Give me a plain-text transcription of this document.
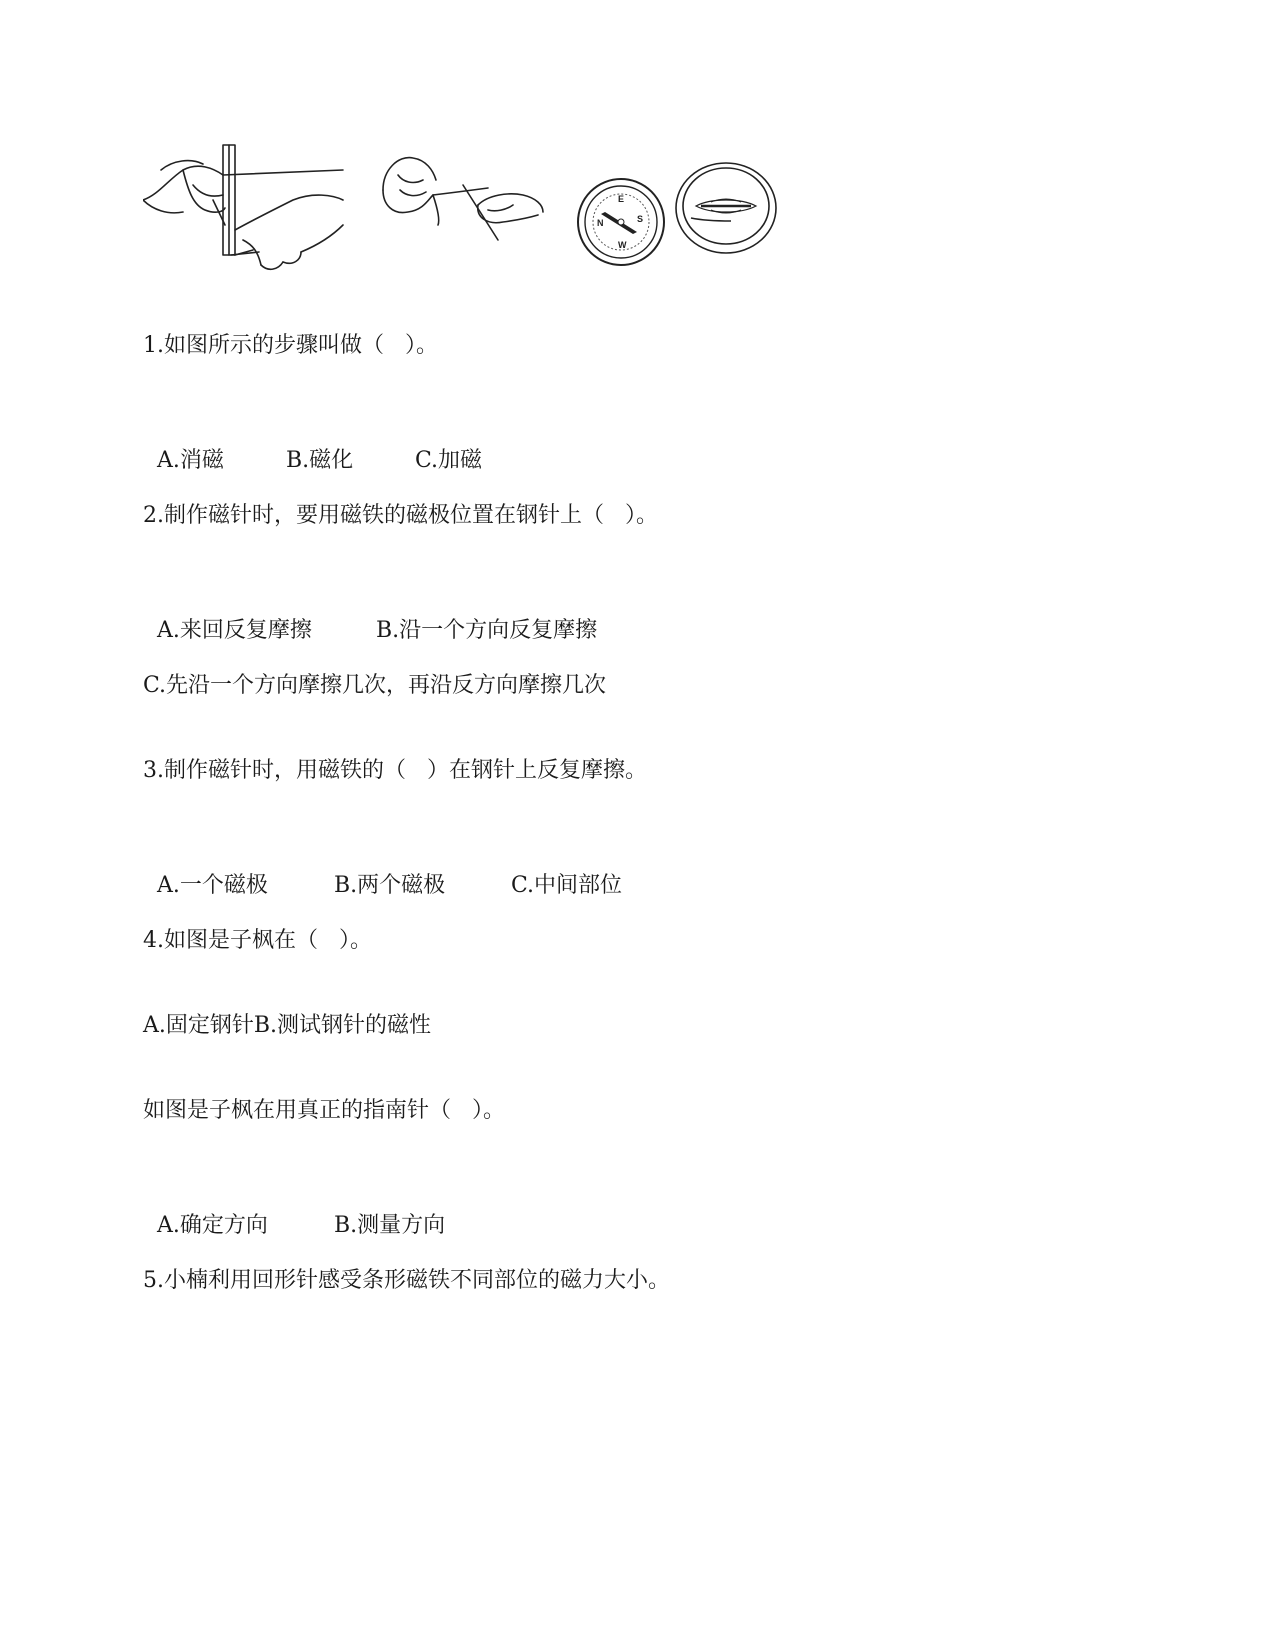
E
S
W
N
1.如图所示的步骤叫做（   ）。

A.消磁	B.磁化	C.加磁

2.制作磁针时，要用磁铁的磁极位置在钢针上（   ）。

A.来回反复摩擦	B.沿一个方向反复摩擦

C.先沿一个方向摩擦几次，再沿反方向摩擦几次
3.制作磁针时，用磁铁的（   ）在钢针上反复摩擦。

A.一个磁极	B.两个磁极	C.中间部位

4.如图是子枫在（   ）。
A.固定钢针B.测试钢针的磁性
如图是子枫在用真正的指南针（   ）。

A.确定方向	B.测量方向

5.小楠利用回形针感受条形磁铁不同部位的磁力大小。
